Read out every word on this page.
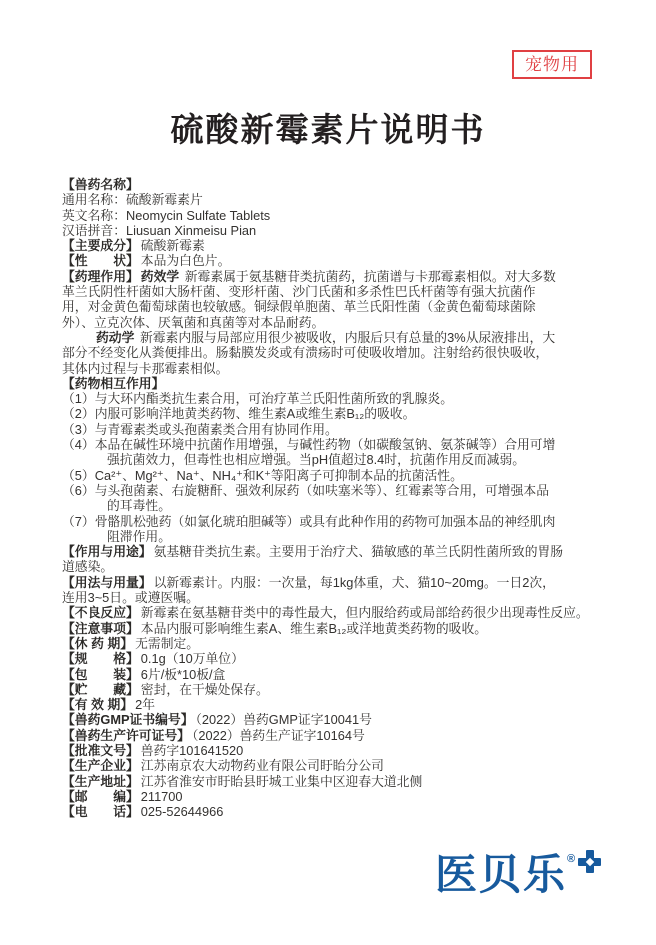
宠物用
硫酸新霉素片说明书
【兽药名称】
通用名称：硫酸新霉素片
英文名称：Neomycin Sulfate Tablets
汉语拼音：Liusuan Xinmeisu Pian
【主要成分】 硫酸新霉素
【性　　状】 本品为白色片。
【药理作用】 药效学 新霉素属于氨基糖苷类抗菌药，抗菌谱与卡那霉素相似。对大多数
革兰氏阴性杆菌如大肠杆菌、变形杆菌、沙门氏菌和多杀性巴氏杆菌等有强大抗菌作
用，对金黄色葡萄球菌也较敏感。铜绿假单胞菌、革兰氏阳性菌（金黄色葡萄球菌除
外）、立克次体、厌氧菌和真菌等对本品耐药。
药动学 新霉素内服与局部应用很少被吸收，内服后只有总量的3%从尿液排出，大
部分不经变化从粪便排出。肠黏膜发炎或有溃疡时可使吸收增加。注射给药很快吸收，
其体内过程与卡那霉素相似。
【药物相互作用】
（1）与大环内酯类抗生素合用，可治疗革兰氏阳性菌所致的乳腺炎。
（2）内服可影响洋地黄类药物、维生素A或维生素B₁₂的吸收。
（3）与青霉素类或头孢菌素类合用有协同作用。
（4）本品在碱性环境中抗菌作用增强，与碱性药物（如碳酸氢钠、氨茶碱等）合用可增
强抗菌效力，但毒性也相应增强。当pH值超过8.4时，抗菌作用反而减弱。
（5）Ca²⁺、Mg²⁺、Na⁺、NH₄⁺和K⁺等阳离子可抑制本品的抗菌活性。
（6）与头孢菌素、右旋糖酐、强效利尿药（如呋塞米等）、红霉素等合用，可增强本品
的耳毒性。
（7）骨骼肌松弛药（如氯化琥珀胆碱等）或具有此种作用的药物可加强本品的神经肌肉
阻滞作用。
【作用与用途】 氨基糖苷类抗生素。主要用于治疗犬、猫敏感的革兰氏阴性菌所致的胃肠
道感染。
【用法与用量】 以新霉素计。内服：一次量，每1kg体重，犬、猫10~20mg。一日2次，
连用3~5日。或遵医嘱。
【不良反应】 新霉素在氨基糖苷类中的毒性最大，但内服给药或局部给药很少出现毒性反应。
【注意事项】 本品内服可影响维生素A、维生素B₁₂或洋地黄类药物的吸收。
【休 药 期】 无需制定。
【规　　格】 0.1g（10万单位）
【包　　装】 6片/板*10板/盒
【贮　　藏】 密封，在干燥处保存。
【有 效 期】 2年
【兽药GMP证书编号】 （2022）兽药GMP证字10041号
【兽药生产许可证号】 （2022）兽药生产证字10164号
【批准文号】 兽药字101641520
【生产企业】 江苏南京农大动物药业有限公司盱眙分公司
【生产地址】 江苏省淮安市盱眙县盱城工业集中区迎春大道北侧
【邮　　编】 211700
【电　　话】 025-52644966
医贝乐 ®
